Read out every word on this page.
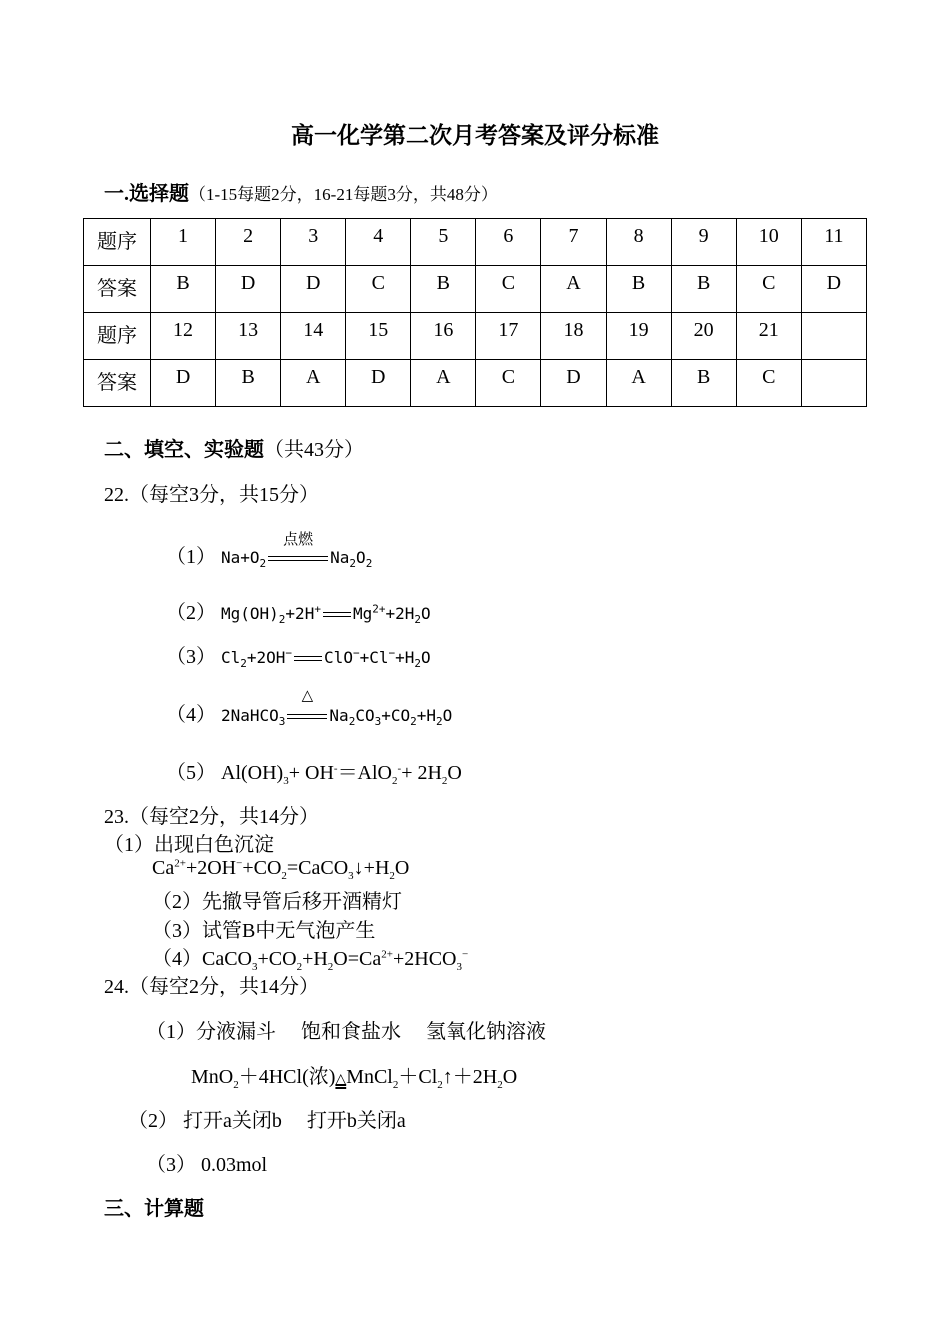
高一化学第二次月考答案及评分标准
一.选择题（1-15每题2分，16-21每题3分，共48分）
题序	1	2	3	4	5	6	7	8	9	10	11
答案	B	D	D	C	B	C	A	B	B	C	D
题序	12	13	14	15	16	17	18	19	20	21	
答案	D	B	A	D	A	C	D	A	B	C	
二、填空、实验题（共43分）
22.（每空3分，共15分）
（1） $Na+O_2$
点燃
$Na_2O_2$
（2） $Mg(OH)_2+2H^+$ $Mg^{2+}+2H_2O$
（3） $Cl_2+2OH^-$ $ClO^-+Cl^-+H_2O$
（4） 2NaHCO$_3$
△
$Na_2CO_3+CO_2+H_2O$
（5） $Al(OH)_3+ OH^-=AlO_2^-+ 2H_2O$
23.（每空2分，共14分）
（1）出现白色沉淀
$Ca^{2+}+2OH^-+CO_2=CaCO_3↓+H_2O$
（2）先撤导管后移开酒精灯
（3）试管B中无气泡产生
$(4)CaCO_3+CO_2+H_2O=Ca^{2+}+2HCO_3^-$
24.（每空2分，共14分）
（1）分液漏斗　 饱和食盐水　 氢氧化钠溶液
MnO$_2$＋4HCl(浓)$\triangle MnCl_2+Cl_2↑+2H_2O$
（2） 打开a关闭b　 打开b关闭a
（3） 0.03mol
三、计算题
